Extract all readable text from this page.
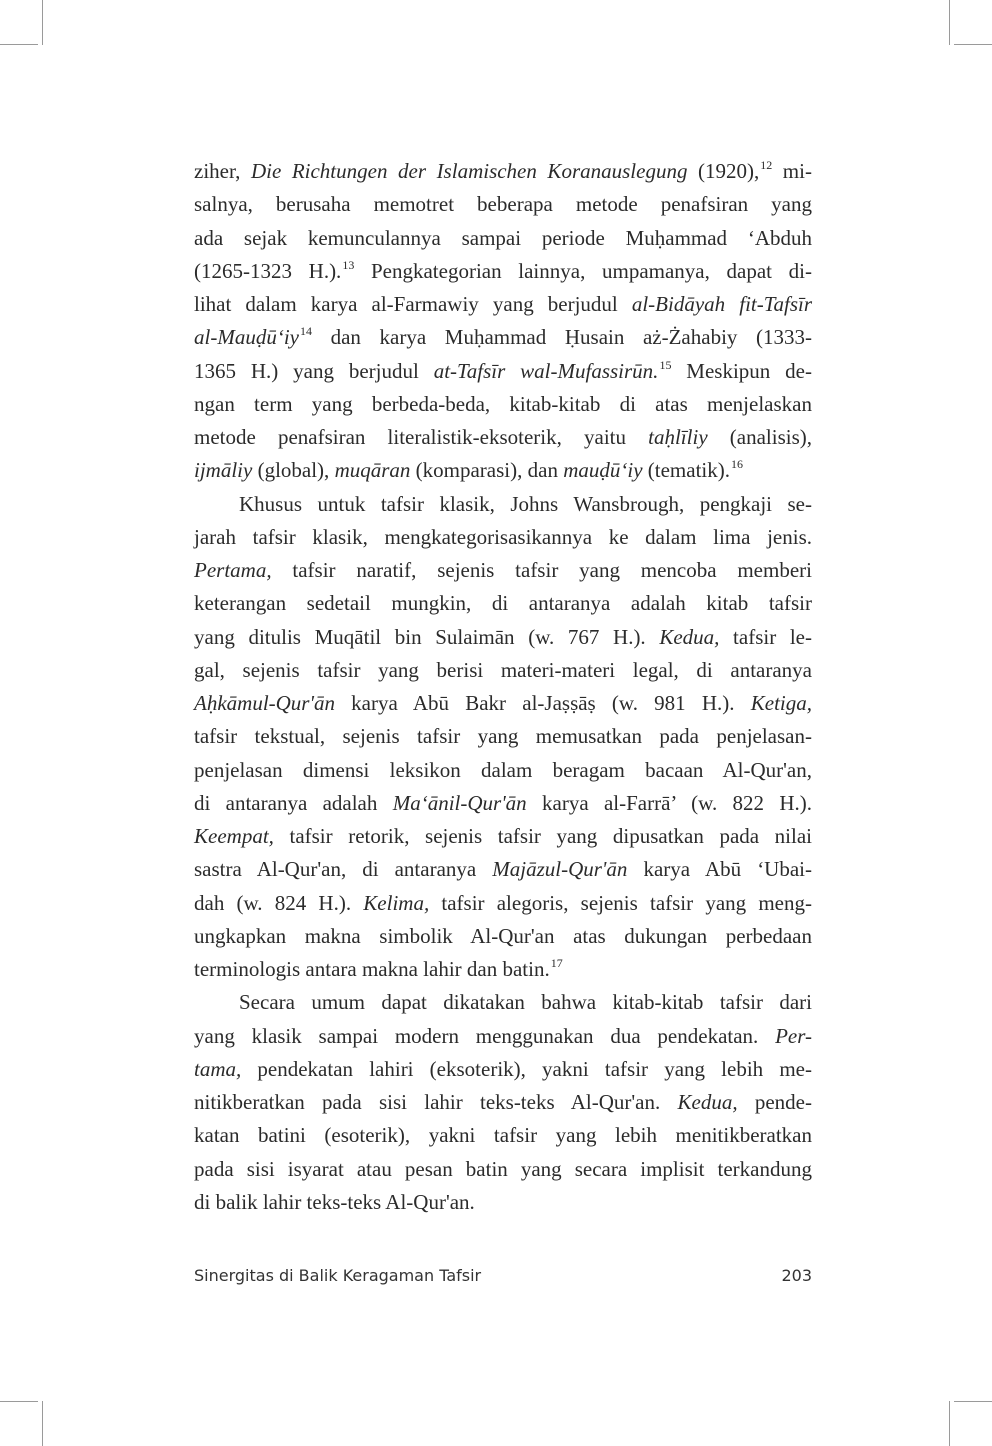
ziher, Die Richtungen der Islamischen Koranauslegung (1920),$^{12}$ mi-
salnya, berusaha memotret beberapa metode penafsiran yang
ada sejak kemunculannya sampai periode Muḥammad ‘Abduh
(1265-1323 H.).$^{13}$ Pengkategorian lainnya, umpamanya, dapat di-
lihat dalam karya al-Farmawiy yang berjudul al-Bidāyah fit-Tafsīr
$al-Mauḍū‘iy^{14}$ dan karya Muḥammad Ḥusain aż-Żahabiy (1333-
1365 H.) yang berjudul at-Tafsīr wal-Mufassirūn.$^{15}$ Meskipun de-
ngan term yang berbeda-beda, kitab-kitab di atas menjelaskan
metode penafsiran literalistik-eksoterik, yaitu taḥlīliy (analisis),
ijmāliy (global), muqāran (komparasi), dan mauḍū‘iy (tematik).$^{16}$
Khusus untuk tafsir klasik, Johns Wansbrough, pengkaji se-
jarah tafsir klasik, mengkategorisasikannya ke dalam lima jenis.
Pertama, tafsir naratif, sejenis tafsir yang mencoba memberi
keterangan sedetail mungkin, di antaranya adalah kitab tafsir
yang ditulis Muqātil bin Sulaimān (w. 767 H.). Kedua, tafsir le-
gal, sejenis tafsir yang berisi materi-materi legal, di antaranya
Aḥkāmul-Qur'ān karya Abū Bakr al-Jaṣṣāṣ (w. 981 H.). Ketiga,
tafsir tekstual, sejenis tafsir yang memusatkan pada penjelasan-
penjelasan dimensi leksikon dalam beragam bacaan Al-Qur'an,
di antaranya adalah Ma‘ānil-Qur'ān karya al-Farrā’ (w. 822 H.).
Keempat, tafsir retorik, sejenis tafsir yang dipusatkan pada nilai
sastra Al-Qur'an, di antaranya Majāzul-Qur'ān karya Abū ‘Ubai-
dah (w. 824 H.). Kelima, tafsir alegoris, sejenis tafsir yang meng-
ungkapkan makna simbolik Al-Qur'an atas dukungan perbedaan
terminologis antara makna lahir dan batin.$^{17}$
Secara umum dapat dikatakan bahwa kitab-kitab tafsir dari
yang klasik sampai modern menggunakan dua pendekatan. Per-
tama, pendekatan lahiri (eksoterik), yakni tafsir yang lebih me-
nitikberatkan pada sisi lahir teks-teks Al-Qur'an. Kedua, pende-
katan batini (esoterik), yakni tafsir yang lebih menitikberatkan
pada sisi isyarat atau pesan batin yang secara implisit terkandung
di balik lahir teks-teks Al-Qur'an.
Sinergitas di Balik Keragaman Tafsir	203
